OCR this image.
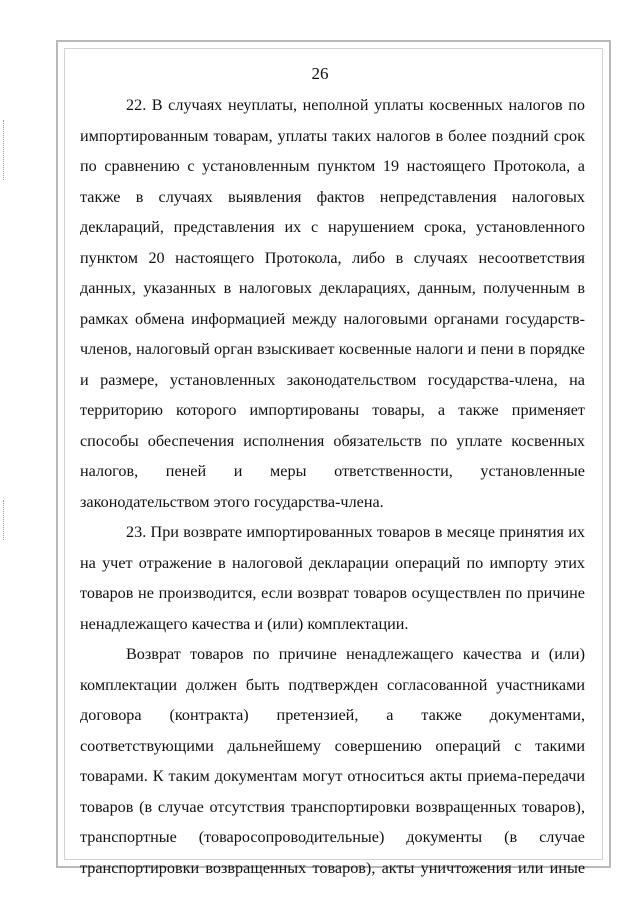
26
22. В случаях неуплаты, неполной уплаты косвенных налогов по
импортированным товарам, уплаты таких налогов в более поздний срок
по сравнению с установленным пунктом 19 настоящего Протокола, а
также в случаях выявления фактов непредставления налоговых
деклараций, представления их с нарушением срока, установленного
пунктом 20 настоящего Протокола, либо в случаях несоответствия
данных, указанных в налоговых декларациях, данным, полученным в
рамках обмена информацией между налоговыми органами государств-
членов, налоговый орган взыскивает косвенные налоги и пени в порядке
и размере, установленных законодательством государства-члена, на
территорию которого импортированы товары, а также применяет
способы обеспечения исполнения обязательств по уплате косвенных
налогов, пеней и меры ответственности, установленные
законодательством этого государства-члена.
23. При возврате импортированных товаров в месяце принятия их
на учет отражение в налоговой декларации операций по импорту этих
товаров не производится, если возврат товаров осуществлен по причине
ненадлежащего качества и (или) комплектации.
Возврат товаров по причине ненадлежащего качества и (или)
комплектации должен быть подтвержден согласованной участниками
договора (контракта) претензией, а также документами,
соответствующими дальнейшему совершению операций с такими
товарами. К таким документам могут относиться акты приема-передачи
товаров (в случае отсутствия транспортировки возвращенных товаров),
транспортные (товаросопроводительные) документы (в случае
транспортировки возвращенных товаров), акты уничтожения или иные
